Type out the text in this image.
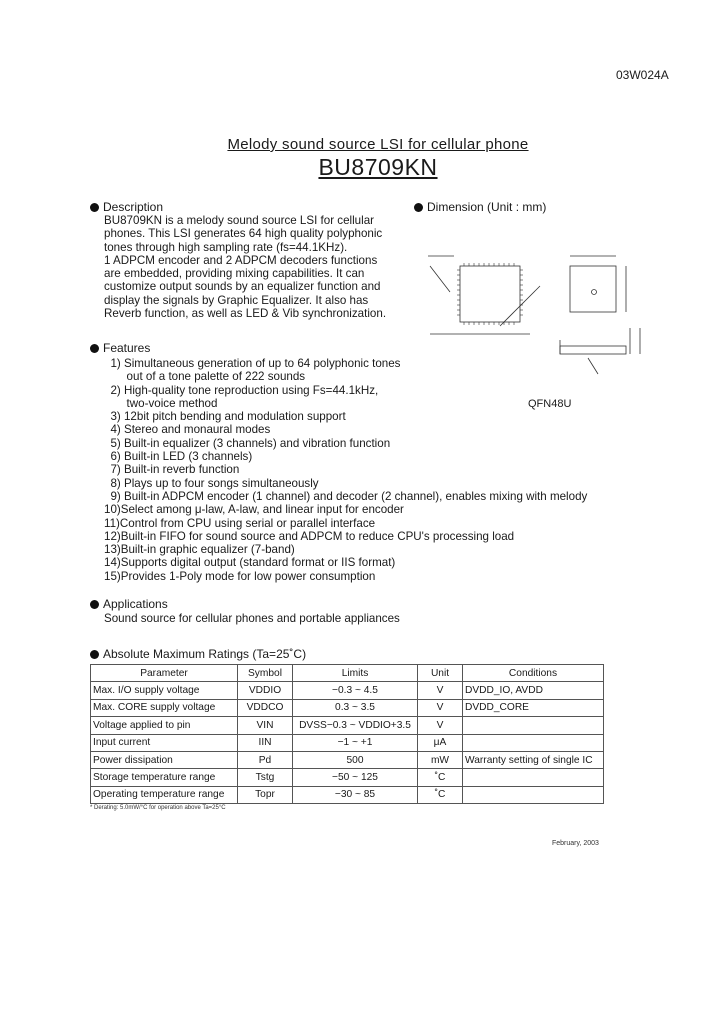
03W024A
Melody sound source LSI for cellular phone
BU8709KN
Description
BU8709KN is a melody sound source LSI for cellular
phones. This LSI generates 64 high quality polyphonic
tones through high sampling rate (fs=44.1KHz).
1 ADPCM encoder and 2 ADPCM decoders functions
are embedded, providing mixing capabilities. It can
customize output sounds by an equalizer function and
display the signals by Graphic Equalizer. It also has
Reverb function, as well as LED & Vib synchronization.
Dimension (Unit : mm)
QFN48U
Features
1) Simultaneous generation of up to 64 polyphonic tones
out of a tone palette of 222 sounds
2) High-quality tone reproduction using Fs=44.1kHz,
two-voice method
3) 12bit pitch bending and modulation support
4) Stereo and monaural modes
5) Built-in equalizer (3 channels) and vibration function
6) Built-in LED (3 channels)
7) Built-in reverb function
8) Plays up to four songs simultaneously
9) Built-in ADPCM encoder (1 channel) and decoder (2 channel), enables mixing with melody
10)Select among μ-law, A-law, and linear input for encoder
11)Control from CPU using serial or parallel interface
12)Built-in FIFO for sound source and ADPCM to reduce CPU's processing load
13)Built-in graphic equalizer (7-band)
14)Supports digital output (standard format or IIS format)
15)Provides 1-Poly mode for low power consumption
Applications
Sound source for cellular phones and portable appliances
Absolute Maximum Ratings (Ta=25˚C)
Parameter	Symbol	Limits	Unit	Conditions
Max. I/O supply voltage	VDDIO	−0.3 ~ 4.5	V	DVDD_IO, AVDD
Max. CORE supply voltage	VDDCO	0.3 ~ 3.5	V	DVDD_CORE
Voltage applied to pin	VIN	DVSS−0.3 ~ VDDIO+3.5	V	
Input current	IIN	−1 ~ +1	μA	
Power dissipation	Pd	500	mW	Warranty setting of single IC
Storage temperature range	Tstg	−50 ~ 125	˚C	
Operating temperature range	Topr	−30 ~ 85	˚C	
* Derating: 5.0mW/°C for operation above Ta=25°C
February, 2003
